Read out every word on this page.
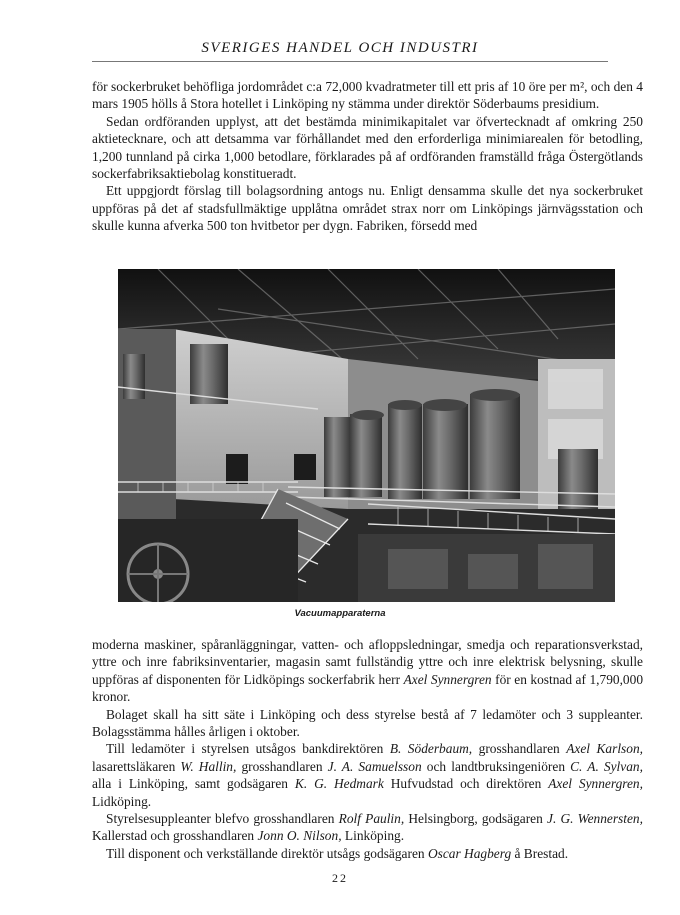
SVERIGES HANDEL OCH INDUSTRI

för sockerbruket behöfliga jordområdet c:a 72,000 kvadratmeter till ett pris af 10 öre per m², och den 4 mars 1905 hölls å Stora hotellet i Linköping ny stämma under direktör Söderbaums presidium.

Sedan ordföranden upplyst, att det bestämda minimikapitalet var öfvertecknadt af omkring 250 aktietecknare, och att detsamma var förhållandet med den erforderliga minimiarealen för betodling, 1,200 tunnland på cirka 1,000 betodlare, förklarades på af ordföranden framställd fråga Östergötlands sockerfabriksaktiebolag konstitueradt.

Ett uppgjordt förslag till bolagsordning antogs nu. Enligt densamma skulle det nya sockerbruket uppföras på det af stadsfullmäktige upplåtna området strax norr om Linköpings järnvägsstation och skulle kunna afverka 500 ton hvitbetor per dygn. Fabriken, försedd med

Vacuumapparaterna

moderna maskiner, spåranläggningar, vatten- och afloppsledningar, smedja och reparationsverkstad, yttre och inre fabriksinventarier, magasin samt fullständig yttre och inre elektrisk belysning, skulle uppföras af disponenten för Lidköpings sockerfabrik herr Axel Synnergren för en kostnad af 1,790,000 kronor.

Bolaget skall ha sitt säte i Linköping och dess styrelse bestå af 7 ledamöter och 3 suppleanter. Bolagsstämma hålles årligen i oktober.

Till ledamöter i styrelsen utsågos bankdirektören B. Söderbaum, grosshandlaren Axel Karlson, lasarettsläkaren W. Hallin, grosshandlaren J. A. Samuelsson och landtbruksingeniören C. A. Sylvan, alla i Linköping, samt godsägaren K. G. Hedmark Hufvudstad och direktören Axel Synnergren, Lidköping.

Styrelsesuppleanter blefvo grosshandlaren Rolf Paulin, Helsingborg, godsägaren J. G. Wennersten, Kallerstad och grosshandlaren Jonn O. Nilson, Linköping.

Till disponent och verkställande direktör utsågs godsägaren Oscar Hagberg å Brestad.

22
